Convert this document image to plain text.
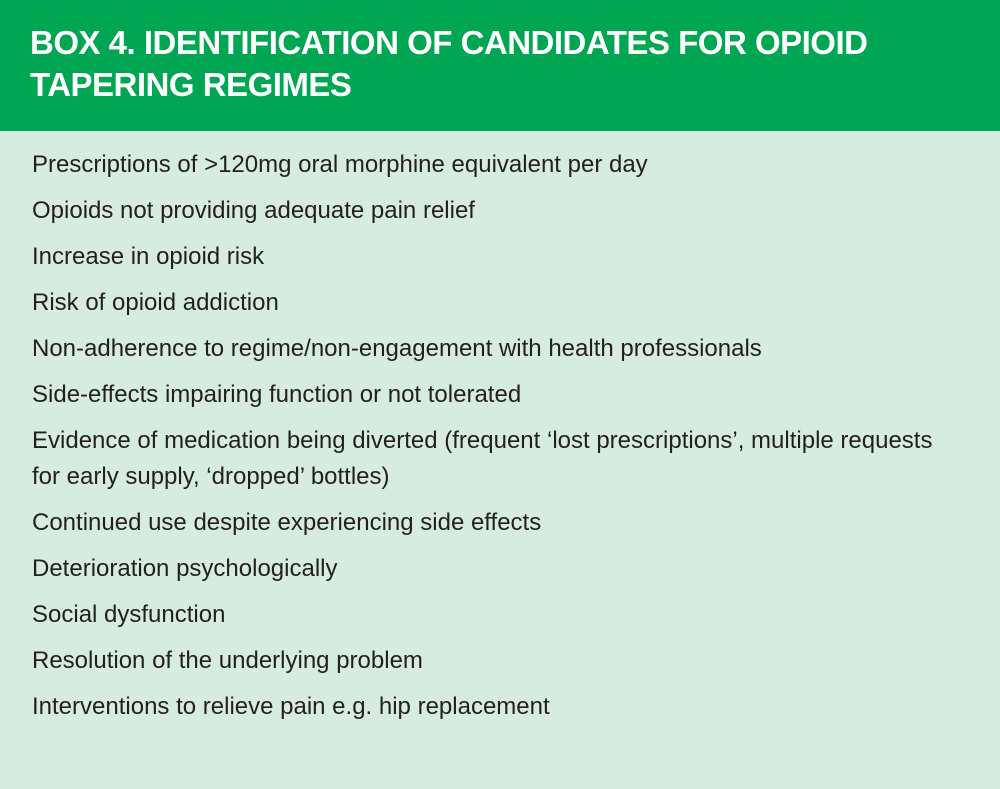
BOX 4. IDENTIFICATION OF CANDIDATES FOR OPIOID TAPERING REGIMES
Prescriptions of >120mg oral morphine equivalent per day
Opioids not providing adequate pain relief
Increase in opioid risk
Risk of opioid addiction
Non-adherence to regime/non-engagement with health professionals
Side-effects impairing function or not tolerated
Evidence of medication being diverted (frequent ‘lost prescriptions’, multiple requests for early supply, ‘dropped’ bottles)
Continued use despite experiencing side effects
Deterioration psychologically
Social dysfunction
Resolution of the underlying problem
Interventions to relieve pain e.g. hip replacement
